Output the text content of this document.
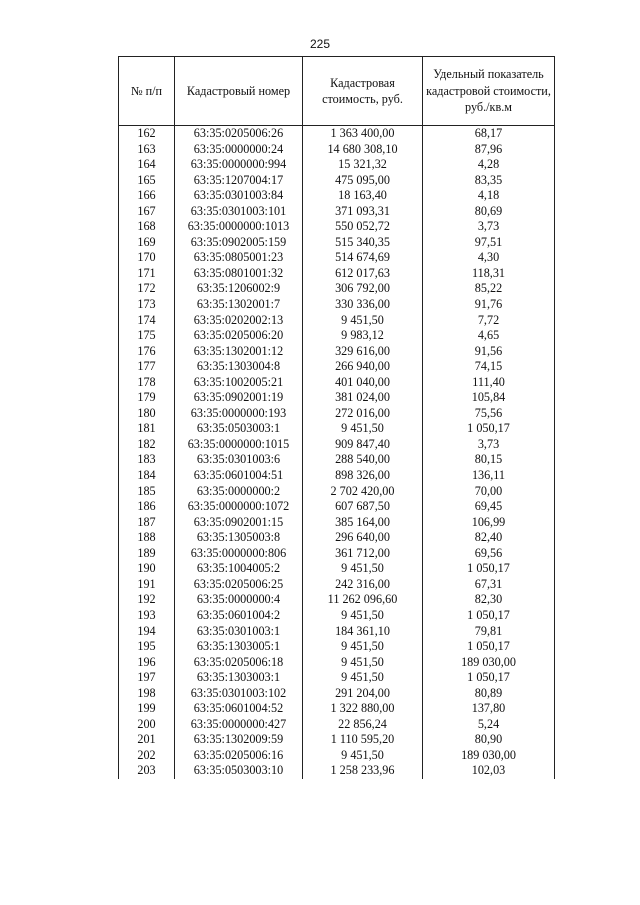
225
№ п/п	Кадастровый номер	Кадастровая стоимость, руб.	Удельный показатель кадастровой стоимости, руб./кв.м
162	63:35:0205006:26	1 363 400,00	68,17
163	63:35:0000000:24	14 680 308,10	87,96
164	63:35:0000000:994	15 321,32	4,28
165	63:35:1207004:17	475 095,00	83,35
166	63:35:0301003:84	18 163,40	4,18
167	63:35:0301003:101	371 093,31	80,69
168	63:35:0000000:1013	550 052,72	3,73
169	63:35:0902005:159	515 340,35	97,51
170	63:35:0805001:23	514 674,69	4,30
171	63:35:0801001:32	612 017,63	118,31
172	63:35:1206002:9	306 792,00	85,22
173	63:35:1302001:7	330 336,00	91,76
174	63:35:0202002:13	9 451,50	7,72
175	63:35:0205006:20	9 983,12	4,65
176	63:35:1302001:12	329 616,00	91,56
177	63:35:1303004:8	266 940,00	74,15
178	63:35:1002005:21	401 040,00	111,40
179	63:35:0902001:19	381 024,00	105,84
180	63:35:0000000:193	272 016,00	75,56
181	63:35:0503003:1	9 451,50	1 050,17
182	63:35:0000000:1015	909 847,40	3,73
183	63:35:0301003:6	288 540,00	80,15
184	63:35:0601004:51	898 326,00	136,11
185	63:35:0000000:2	2 702 420,00	70,00
186	63:35:0000000:1072	607 687,50	69,45
187	63:35:0902001:15	385 164,00	106,99
188	63:35:1305003:8	296 640,00	82,40
189	63:35:0000000:806	361 712,00	69,56
190	63:35:1004005:2	9 451,50	1 050,17
191	63:35:0205006:25	242 316,00	67,31
192	63:35:0000000:4	11 262 096,60	82,30
193	63:35:0601004:2	9 451,50	1 050,17
194	63:35:0301003:1	184 361,10	79,81
195	63:35:1303005:1	9 451,50	1 050,17
196	63:35:0205006:18	9 451,50	189 030,00
197	63:35:1303003:1	9 451,50	1 050,17
198	63:35:0301003:102	291 204,00	80,89
199	63:35:0601004:52	1 322 880,00	137,80
200	63:35:0000000:427	22 856,24	5,24
201	63:35:1302009:59	1 110 595,20	80,90
202	63:35:0205006:16	9 451,50	189 030,00
203	63:35:0503003:10	1 258 233,96	102,03
